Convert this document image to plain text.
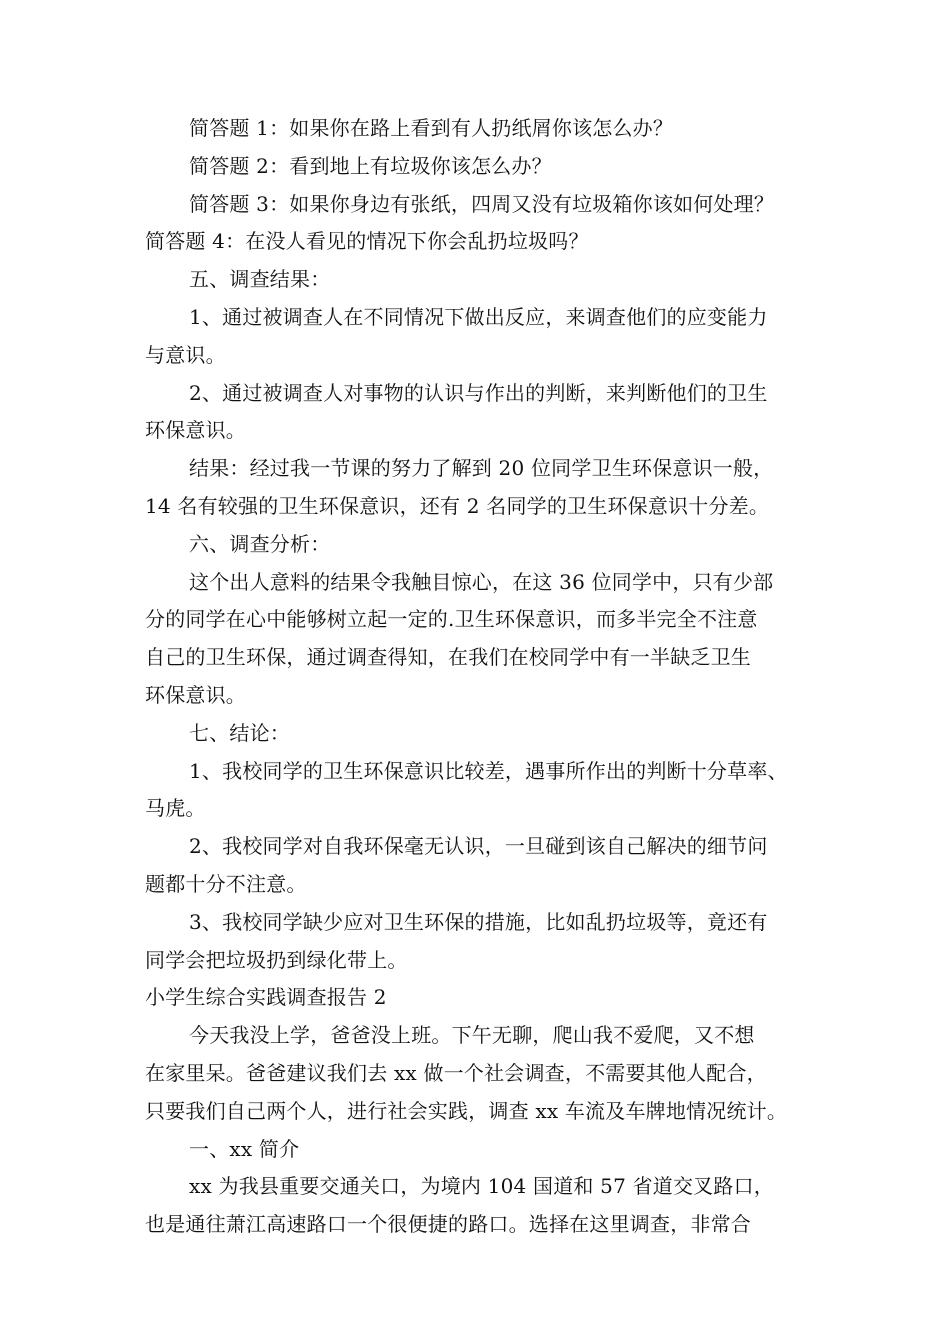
简答题 1：如果你在路上看到有人扔纸屑你该怎么办？
简答题 2：看到地上有垃圾你该怎么办？
简答题 3：如果你身边有张纸，四周又没有垃圾箱你该如何处理？
简答题 4：在没人看见的情况下你会乱扔垃圾吗？
五、调查结果：
1、通过被调查人在不同情况下做出反应，来调查他们的应变能力
与意识。
2、通过被调查人对事物的认识与作出的判断，来判断他们的卫生
环保意识。
结果：经过我一节课的努力了解到 20 位同学卫生环保意识一般，
14 名有较强的卫生环保意识，还有 2 名同学的卫生环保意识十分差。
六、调查分析：
这个出人意料的结果令我触目惊心，在这 36 位同学中，只有少部
分的同学在心中能够树立起一定的.卫生环保意识，而多半完全不注意
自己的卫生环保，通过调查得知，在我们在校同学中有一半缺乏卫生
环保意识。
七、结论：
1、我校同学的卫生环保意识比较差，遇事所作出的判断十分草率、
马虎。
2、我校同学对自我环保毫无认识，一旦碰到该自己解决的细节问
题都十分不注意。
3、我校同学缺少应对卫生环保的措施，比如乱扔垃圾等，竟还有
同学会把垃圾扔到绿化带上。
小学生综合实践调查报告 2
今天我没上学，爸爸没上班。下午无聊，爬山我不爱爬，又不想
在家里呆。爸爸建议我们去 xx 做一个社会调查，不需要其他人配合，
只要我们自己两个人，进行社会实践，调查 xx 车流及车牌地情况统计。
一、xx 简介
xx 为我县重要交通关口，为境内 104 国道和 57 省道交叉路口，
也是通往萧江高速路口一个很便捷的路口。选择在这里调查，非常合
